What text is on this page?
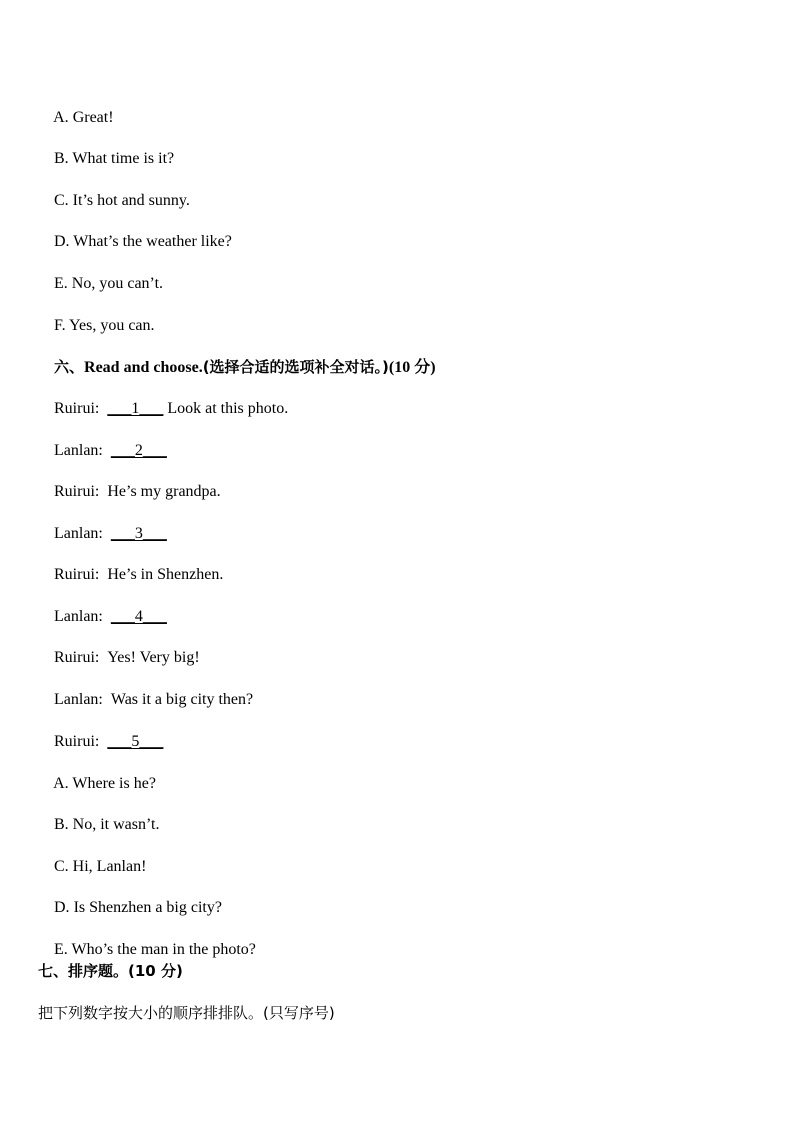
A. Great!

B. What time is it?

C. It’s hot and sunny.

D. What’s the weather like?

E. No, you can’t.

F. Yes, you can.

六、Read and choose.(选择合适的选项补全对话。)(10 分)

Ruirui: ___1___ Look at this photo.

Lanlan: ___2___

Ruirui: He’s my grandpa.

Lanlan: ___3___

Ruirui: He’s in Shenzhen.

Lanlan: ___4___

Ruirui: Yes! Very big!

Lanlan: Was it a big city then?

Ruirui: ___5___

A. Where is he?

B. No, it wasn’t.

C. Hi, Lanlan!

D. Is Shenzhen a big city?

E. Who’s the man in the photo?

七、排序题。(10 分)
把下列数字按大小的顺序排排队。(只写序号)
